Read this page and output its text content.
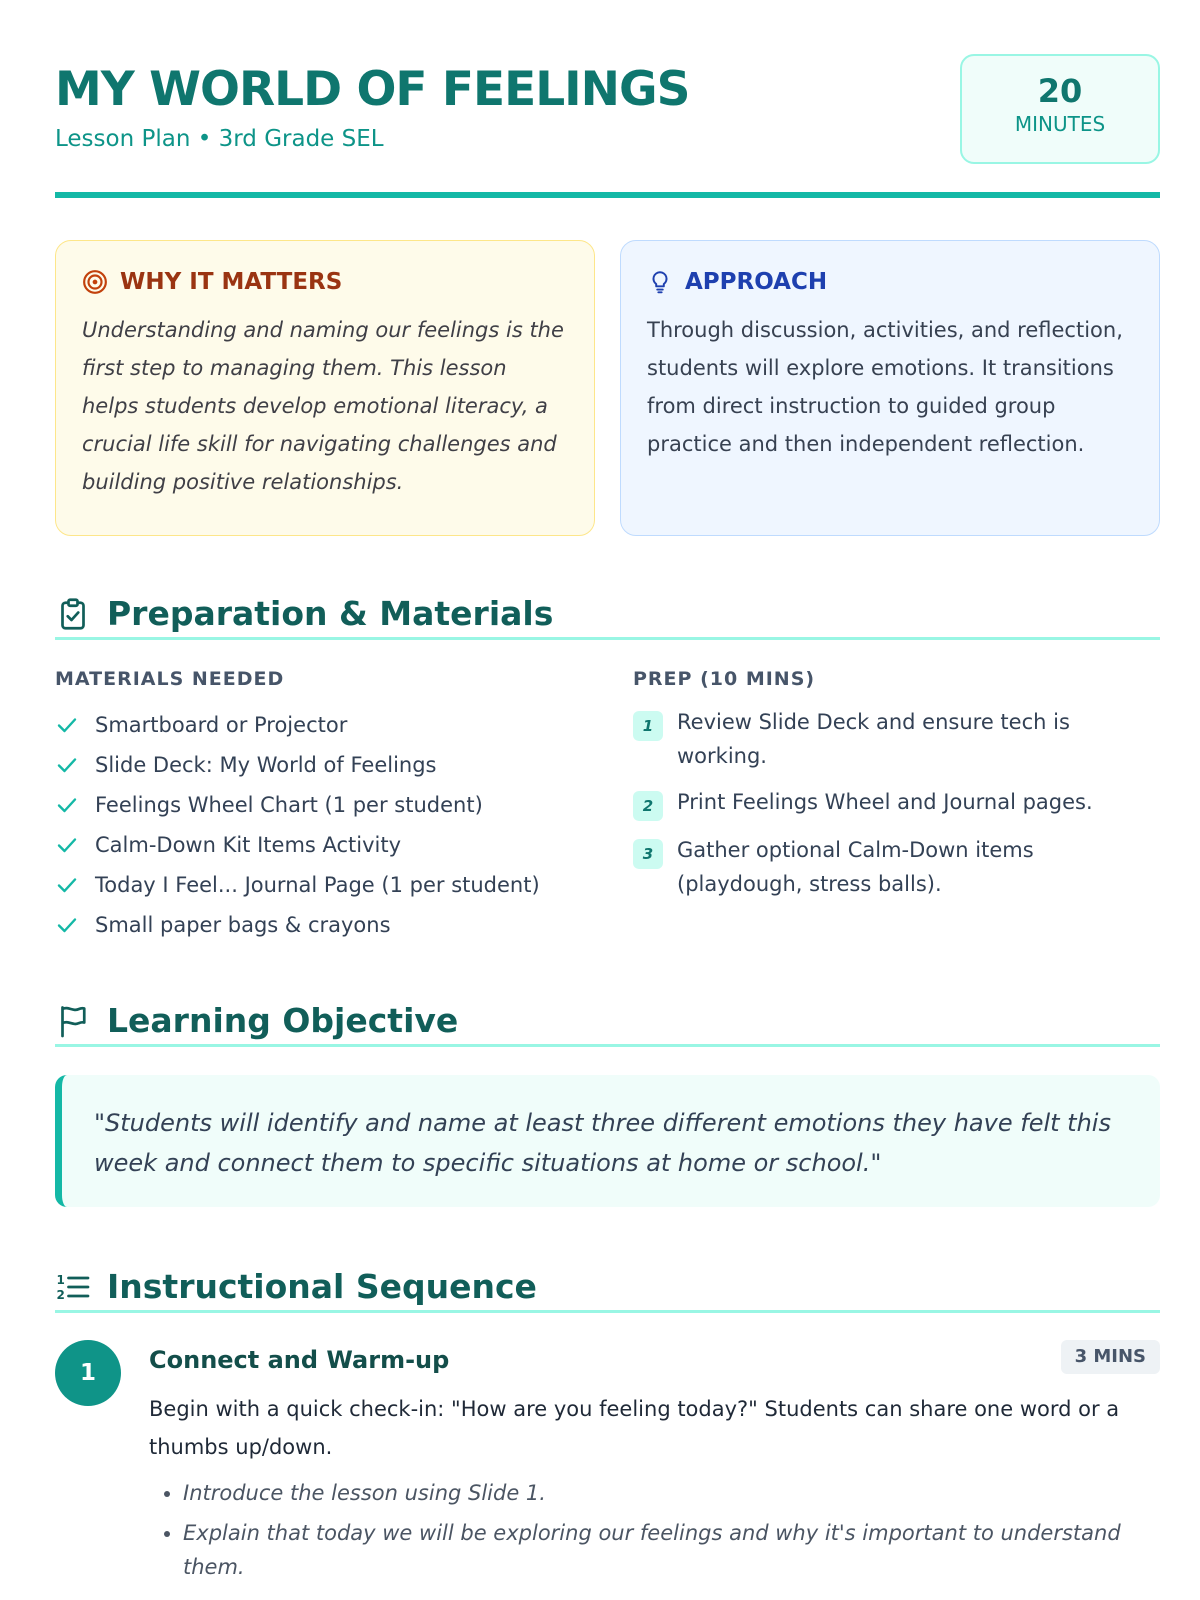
MY WORLD OF FEELINGS
Lesson Plan • 3rd Grade SEL
20
MINUTES
WHY IT MATTERS

Understanding and naming our feelings is the first step to managing them. This lesson helps students develop emotional literacy, a crucial life skill for navigating challenges and building positive relationships.

APPROACH

Through discussion, activities, and reflection, students will explore emotions. It transitions from direct instruction to guided group practice and then independent reflection.

Preparation & Materials
MATERIALS NEEDED
Smartboard or Projector
Slide Deck: My World of Feelings
Feelings Wheel Chart (1 per student)
Calm-Down Kit Items Activity
Today I Feel... Journal Page (1 per student)
Small paper bags & crayons
PREP (10 MINS)
1	Review Slide Deck and ensure tech is working.
2	Print Feelings Wheel and Journal pages.
3	Gather optional Calm-Down items (playdough, stress balls).
Learning Objective
"Students will identify and name at least three different emotions they have felt this week and connect them to specific situations at home or school."
1
2 Instructional Sequence
1	Connect and Warm-up	3 MINS

Begin with a quick check-in: "How are you feeling today?" Students can share one word or a thumbs up/down.

• Introduce the lesson using Slide 1.
• Explain that today we will be exploring our feelings and why it's important to understand them.
